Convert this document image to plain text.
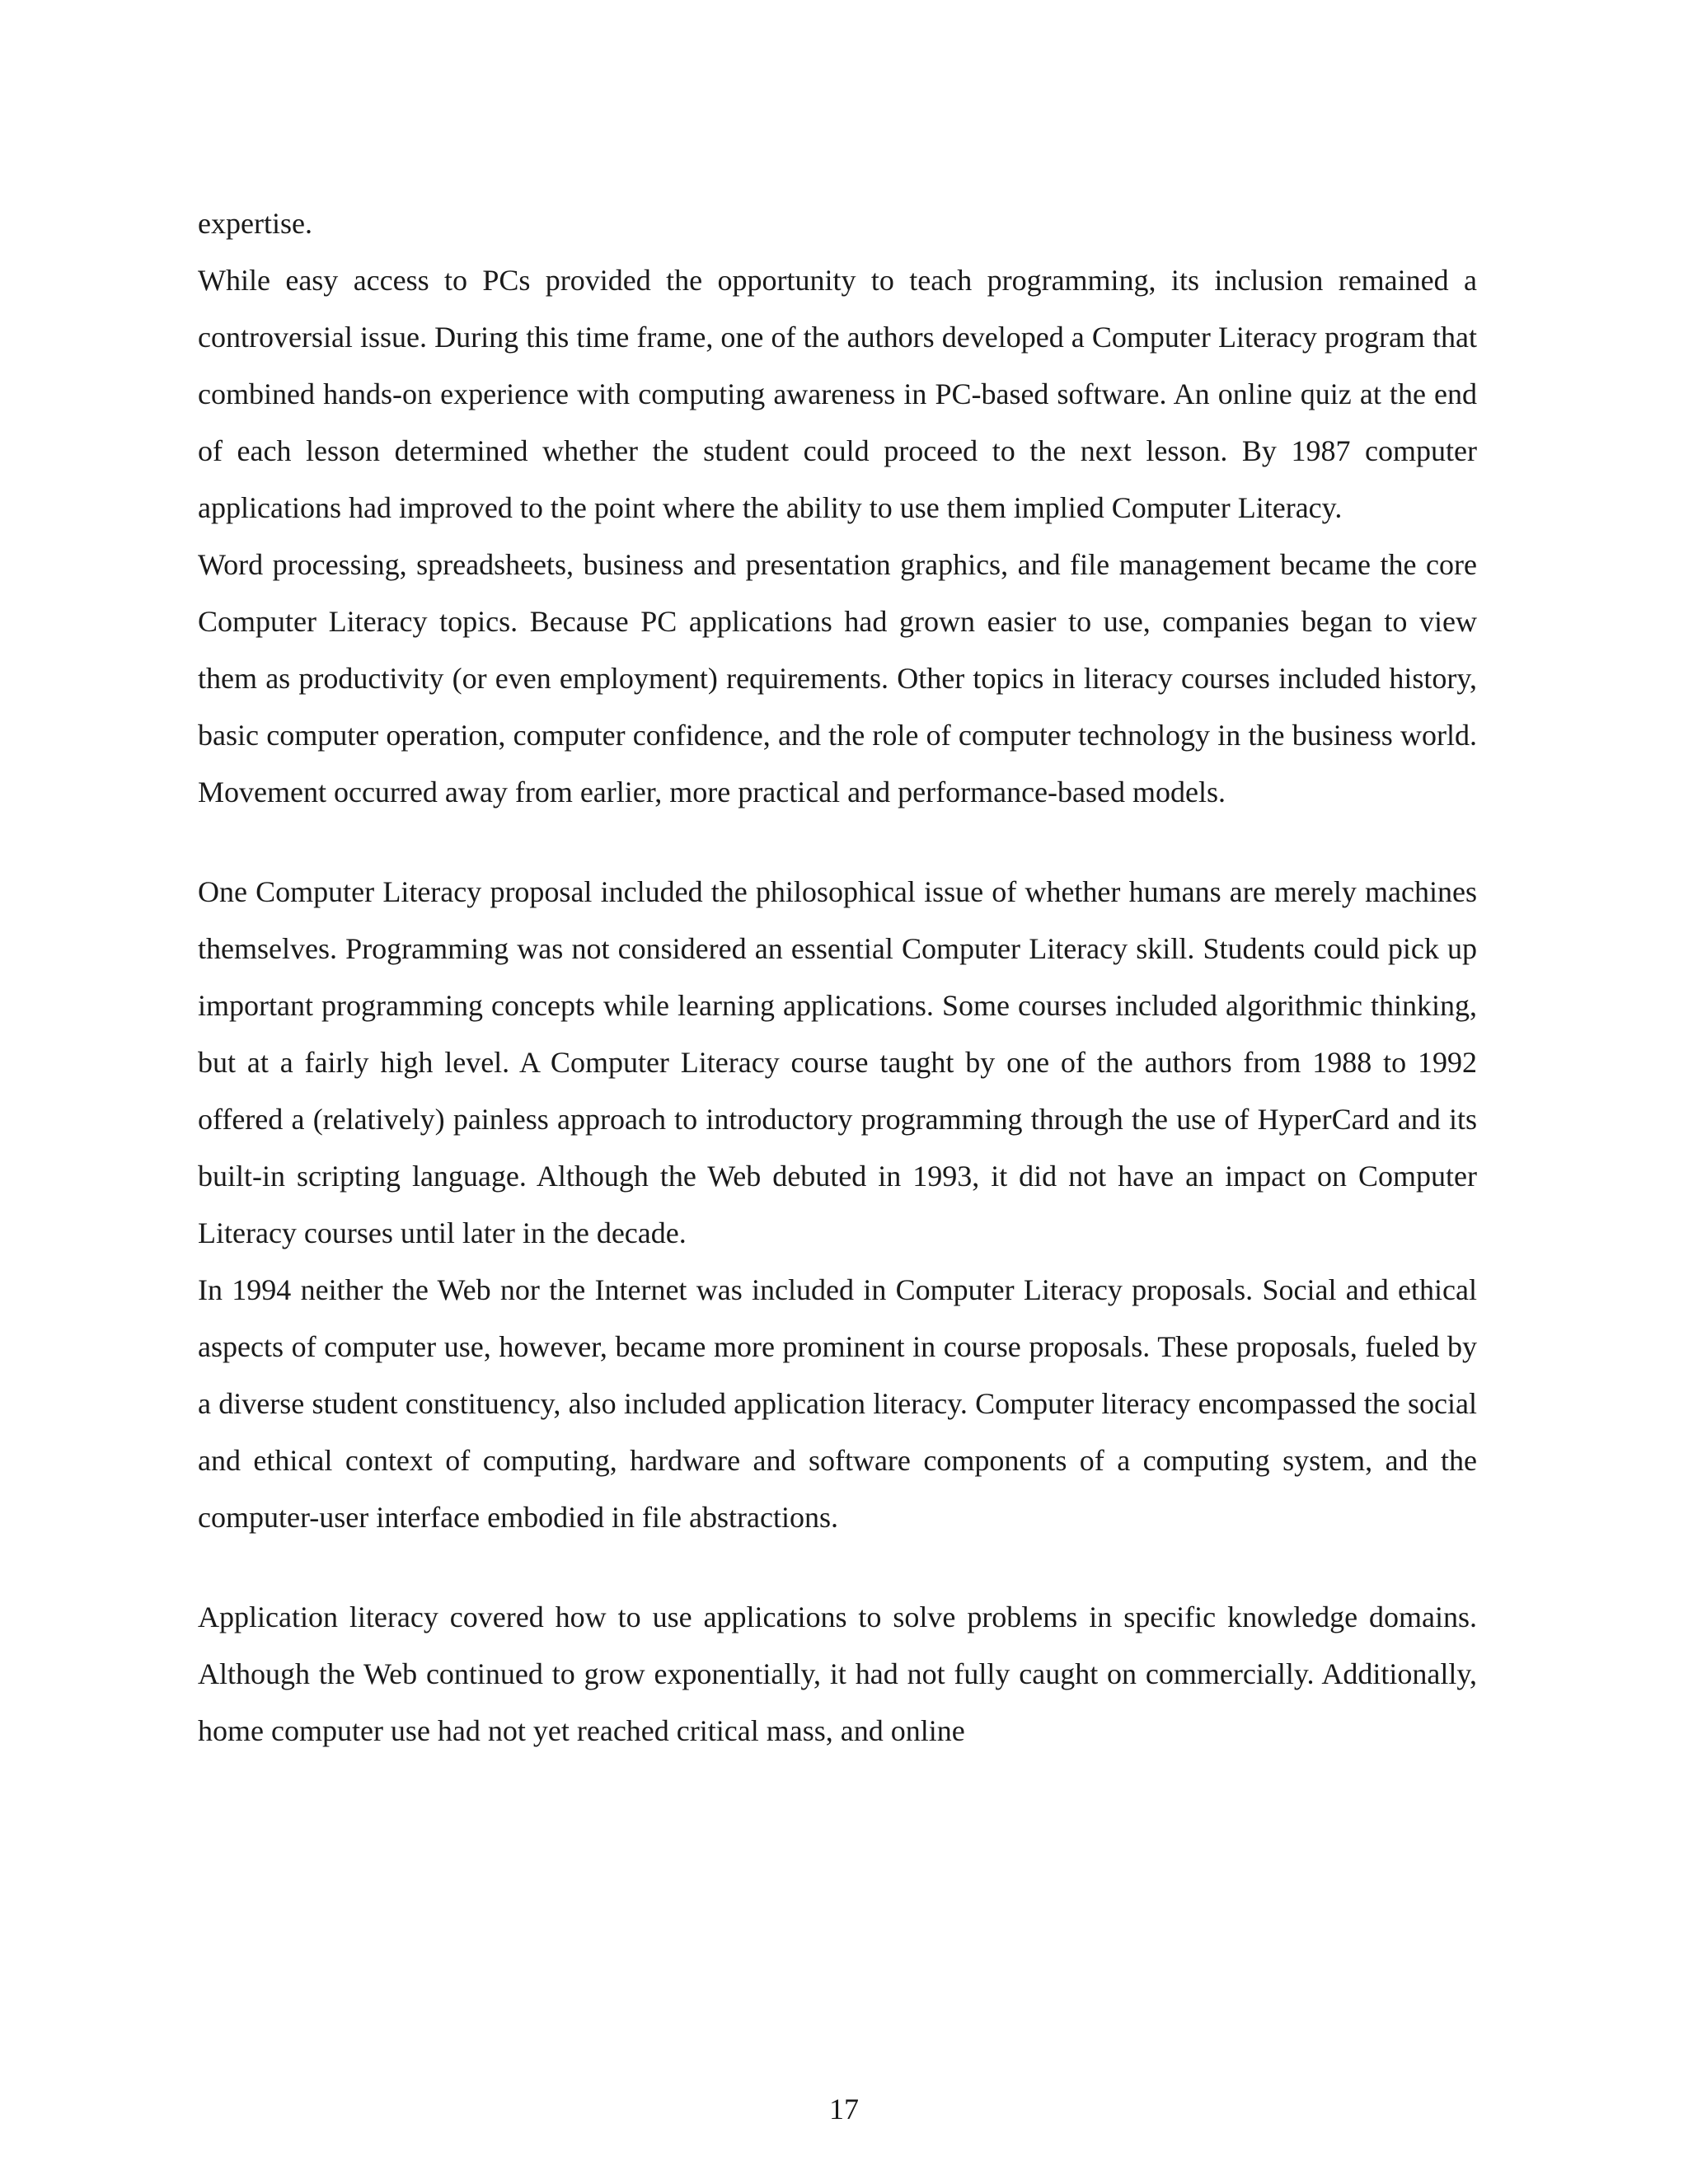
expertise.

While easy access to PCs provided the opportunity to teach programming, its inclusion remained a controversial issue. During this time frame, one of the authors developed a Computer Literacy program that combined hands-on experience with computing awareness in PC-based software. An online quiz at the end of each lesson determined whether the student could proceed to the next lesson. By 1987 computer applications had improved to the point where the ability to use them implied Computer Literacy.

Word processing, spreadsheets, business and presentation graphics, and file management became the core Computer Literacy topics. Because PC applications had grown easier to use, companies began to view them as productivity (or even employment) requirements. Other topics in literacy courses included history, basic computer operation, computer confidence, and the role of computer technology in the business world. Movement occurred away from earlier, more practical and performance-based models.

One Computer Literacy proposal included the philosophical issue of whether humans are merely machines themselves. Programming was not considered an essential Computer Literacy skill. Students could pick up important programming concepts while learning applications. Some courses included algorithmic thinking, but at a fairly high level. A Computer Literacy course taught by one of the authors from 1988 to 1992 offered a (relatively) painless approach to introductory programming through the use of HyperCard and its built-in scripting language. Although the Web debuted in 1993, it did not have an impact on Computer Literacy courses until later in the decade.

In 1994 neither the Web nor the Internet was included in Computer Literacy proposals. Social and ethical aspects of computer use, however, became more prominent in course proposals. These proposals, fueled by a diverse student constituency, also included application literacy. Computer literacy encompassed the social and ethical context of computing, hardware and software components of a computing system, and the computer-user interface embodied in file abstractions.

Application literacy covered how to use applications to solve problems in specific knowledge domains. Although the Web continued to grow exponentially, it had not fully caught on commercially. Additionally, home computer use had not yet reached critical mass, and online

17
